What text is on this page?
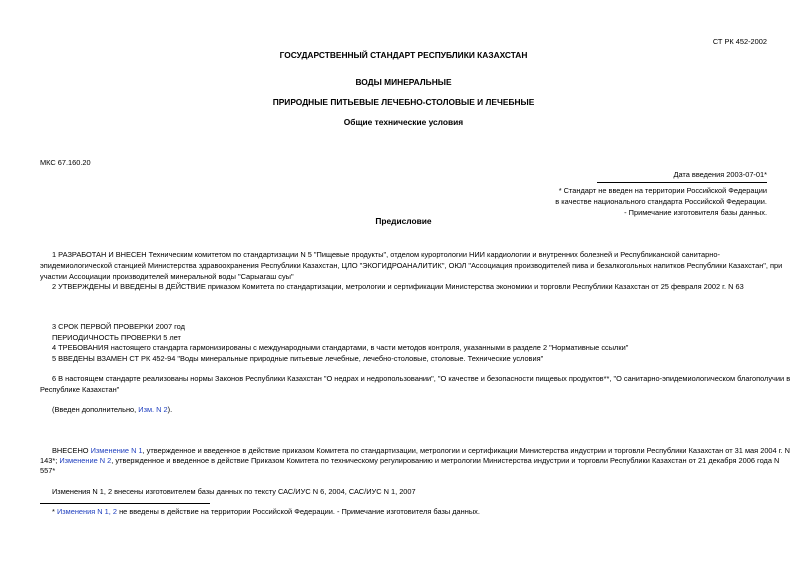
СТ РК 452-2002
ГОСУДАРСТВЕННЫЙ СТАНДАРТ РЕСПУБЛИКИ КАЗАХСТАН
ВОДЫ МИНЕРАЛЬНЫЕ
ПРИРОДНЫЕ ПИТЬЕВЫЕ ЛЕЧЕБНО-СТОЛОВЫЕ И ЛЕЧЕБНЫЕ
Общие технические условия
МКС 67.160.20
Дата введения 2003-07-01*
* Стандарт не введен на территории Российской Федерации
в качестве национального стандарта Российской Федерации.
- Примечание изготовителя базы данных.
Предисловие
1 РАЗРАБОТАН И ВНЕСЕН Техническим комитетом по стандартизации N 5 "Пищевые продукты", отделом курортологии НИИ кардиологии и внутренних болезней и Республиканской санитарно-
эпидемиологической станцией Министерства здравоохранения Республики Казахстан, ЦЛО "ЭКОГИДРОАНАЛИТИК", ОЮЛ "Ассоциация производителей пива и безалкогольных напитков Республики Казахстан", при
участии Ассоциации производителей минеральной воды "Сарыагаш суы"
2 УТВЕРЖДЕНЫ И ВВЕДЕНЫ В ДЕЙСТВИЕ приказом Комитета по стандартизации, метрологии и сертификации Министерства экономики и торговли Республики Казахстан от 25 февраля 2002 г. N 63
3 СРОК ПЕРВОЙ ПРОВЕРКИ 2007 год
ПЕРИОДИЧНОСТЬ ПРОВЕРКИ 5 лет
4 ТРЕБОВАНИЯ настоящего стандарта гармонизированы с международными стандартами, в части методов контроля, указанными в разделе 2 "Нормативные ссылки"
5 ВВЕДЕНЫ ВЗАМЕН СТ РК 452-94 "Воды минеральные природные питьевые лечебные, лечебно-столовые, столовые. Технические условия"
6 В настоящем стандарте реализованы нормы Законов Республики Казахстан "О недрах и недропользовании", "О качестве и безопасности пищевых продуктов**, "О санитарно-эпидемиологическом благополучии в
Республике Казахстан"
(Введен дополнительно, Изм. N 2).
ВНЕСЕНО Изменение N 1, утвержденное и введенное в действие приказом Комитета по стандартизации, метрологии и сертификации Министерства индустрии и торговли Республики Казахстан от 31 мая 2004 г. N
143*; Изменение N 2, утвержденное и введенное в действие Приказом Комитета по техническому регулированию и метрологии Министерства индустрии и торговли Республики Казахстан от 21 декабря 2006 года N
557*
Изменения N 1, 2 внесены изготовителем базы данных по тексту САС/ИУС N 6, 2004, САС/ИУС N 1, 2007
* Изменения N 1, 2 не введены в действие на территории Российской Федерации. - Примечание изготовителя базы данных.
